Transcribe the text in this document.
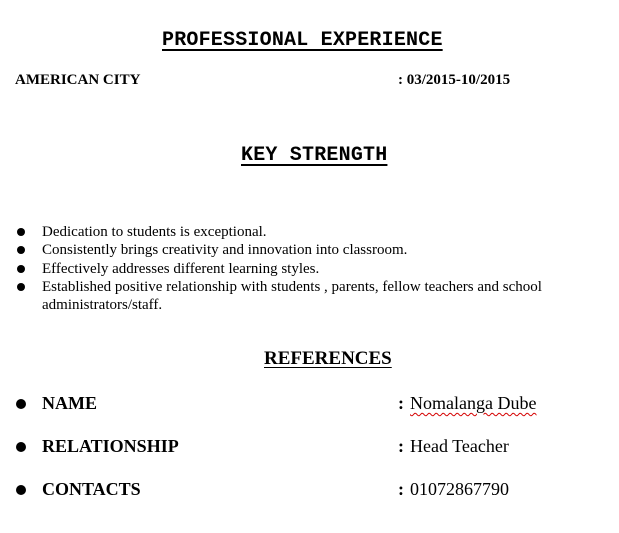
PROFESSIONAL EXPERIENCE
AMERICAN CITY	: 03/2015-10/2015
KEY STRENGTH
Dedication to students is exceptional.
Consistently brings creativity and innovation into classroom.
Effectively addresses different learning styles.
Established positive relationship with students , parents, fellow teachers and school administrators/staff.
REFERENCES
NAME	: Nomalanga Dube
RELATIONSHIP	: Head Teacher
CONTACTS	: 01072867790
